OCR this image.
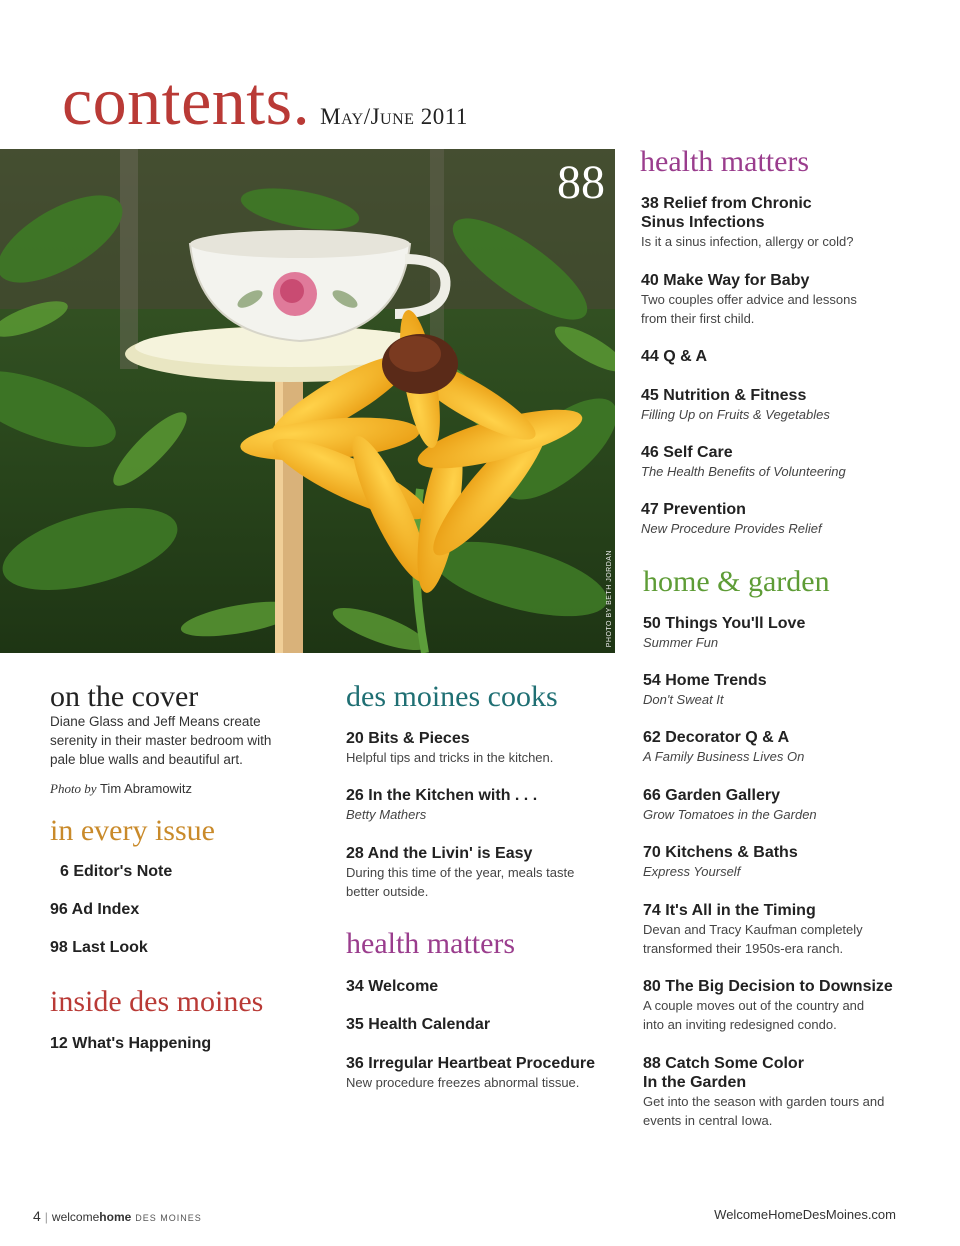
contents. May/June 2011
88
PHOTO BY BETH JORDAN
on the cover
Diane Glass and Jeff Means create
serenity in their master bedroom with
pale blue walls and beautiful art.
Photo by Tim Abramowitz
in every issue
6 Editor's Note
96 Ad Index
98 Last Look
inside des moines
12 What's Happening
des moines cooks
20 Bits & Pieces
Helpful tips and tricks in the kitchen.
26 In the Kitchen with . . .
Betty Mathers
28 And the Livin' is Easy
During this time of the year, meals taste
better outside.
health matters
34 Welcome
35 Health Calendar
36 Irregular Heartbeat Procedure
New procedure freezes abnormal tissue.
health matters
38 Relief from Chronic
Sinus Infections
Is it a sinus infection, allergy or cold?
40 Make Way for Baby
Two couples offer advice and lessons
from their first child.
44 Q & A
45 Nutrition & Fitness
Filling Up on Fruits & Vegetables
46 Self Care
The Health Benefits of Volunteering
47 Prevention
New Procedure Provides Relief
home & garden
50 Things You'll Love
Summer Fun
54 Home Trends
Don't Sweat It
62 Decorator Q & A
A Family Business Lives On
66 Garden Gallery
Grow Tomatoes in the Garden
70 Kitchens & Baths
Express Yourself
74 It's All in the Timing
Devan and Tracy Kaufman completely
transformed their 1950s-era ranch.
80 The Big Decision to Downsize
A couple moves out of the country and
into an inviting redesigned condo.
88 Catch Some Color
In the Garden
Get into the season with garden tours and
events in central Iowa.
4 | welcomehome DES MOINES	WelcomeHomeDesMoines.com
